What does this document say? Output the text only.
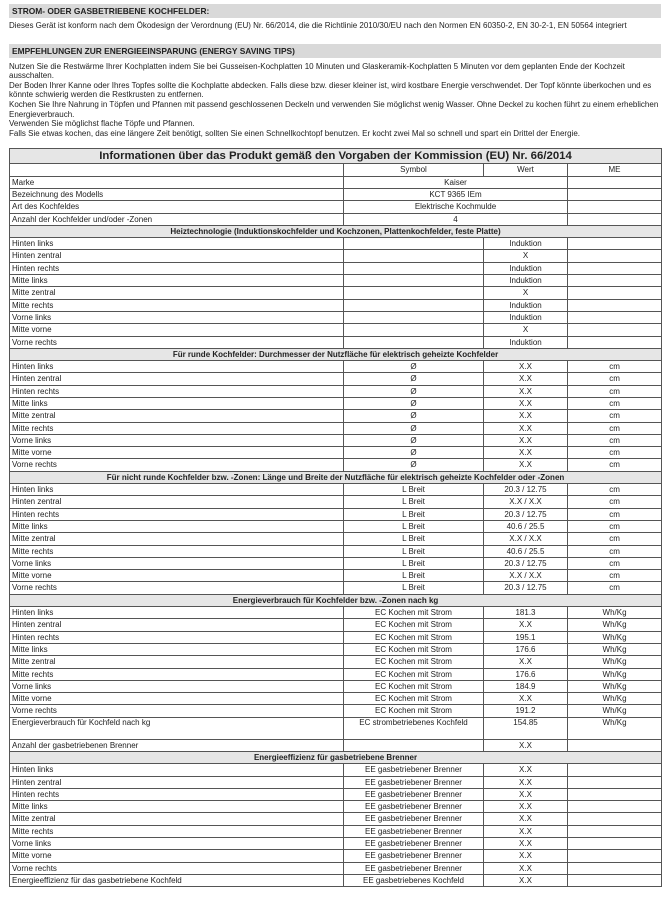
STROM- ODER GASBETRIEBENE KOCHFELDER:
Dieses Gerät ist konform nach dem Ökodesign der Verordnung (EU) Nr. 66/2014, die die Richtlinie 2010/30/EU nach den Normen EN 60350-2, EN 30-2-1, EN 50564 integriert
EMPFEHLUNGEN ZUR ENERGIEEINSPARUNG (ENERGY SAVING TIPS)
Nutzen Sie die Restwärme Ihrer Kochplatten indem Sie bei Gusseisen-Kochplatten 10 Minuten und Glaskeramik-Kochplatten 5 Minuten vor dem geplanten Ende der Kochzeit ausschalten.
Der Boden Ihrer Kanne oder Ihres Topfes sollte die Kochplatte abdecken. Falls diese bzw. dieser kleiner ist, wird kostbare Energie verschwendet. Der Topf könnte überkochen und es könnte schwierig werden die Restkrusten zu entfernen.
Kochen Sie Ihre Nahrung in Töpfen und Pfannen mit passend geschlossenen Deckeln und verwenden Sie möglichst wenig Wasser. Ohne Deckel zu kochen führt zu einem erheblichen Energieverbrauch.
Verwenden Sie möglichst flache Töpfe und Pfannen.
Falls Sie etwas kochen, das eine längere Zeit benötigt, sollten Sie einen Schnellkochtopf benutzen. Er kocht zwei Mal so schnell und spart ein Drittel der Energie.
Informationen über das Produkt gemäß den Vorgaben der Kommission (EU) Nr. 66/2014			
	Symbol	Wert	ME
Marke	Kaiser		
Bezeichnung des Modells	KCT 9365 IEm		
Art des Kochfeldes	Elektrische Kochmulde		
Anzahl der Kochfelder und/oder -Zonen	4		
Heiztechnologie (Induktionskochfelder und Kochzonen, Plattenkochfelder, feste Platte)			
Hinten links		Induktion	
Hinten zentral		X	
Hinten rechts		Induktion	
Mitte links		Induktion	
Mitte zentral		X	
Mitte rechts		Induktion	
Vorne links		Induktion	
Mitte vorne		X	
Vorne rechts		Induktion	
Für runde Kochfelder: Durchmesser der Nutzfläche für elektrisch geheizte Kochfelder			
Hinten links	Ø	X.X	cm
Hinten zentral	Ø	X.X	cm
Hinten rechts	Ø	X.X	cm
Mitte links	Ø	X.X	cm
Mitte zentral	Ø	X.X	cm
Mitte rechts	Ø	X.X	cm
Vorne links	Ø	X.X	cm
Mitte vorne	Ø	X.X	cm
Vorne rechts	Ø	X.X	cm
Für nicht runde Kochfelder bzw. -Zonen: Länge und Breite der Nutzfläche für elektrisch geheizte Kochfelder oder -Zonen			
Hinten links	L Breit	20.3 / 12.75	cm
Hinten zentral	L Breit	X.X / X.X	cm
Hinten rechts	L Breit	20.3 / 12.75	cm
Mitte links	L Breit	40.6 / 25.5	cm
Mitte zentral	L Breit	X.X / X.X	cm
Mitte rechts	L Breit	40.6 / 25.5	cm
Vorne links	L Breit	20.3 / 12.75	cm
Mitte vorne	L Breit	X.X / X.X	cm
Vorne rechts	L Breit	20.3 / 12.75	cm
Energieverbrauch für Kochfelder bzw. -Zonen nach kg			
Hinten links	EC Kochen mit Strom	181.3	Wh/Kg
Hinten zentral	EC Kochen mit Strom	X.X	Wh/Kg
Hinten rechts	EC Kochen mit Strom	195.1	Wh/Kg
Mitte links	EC Kochen mit Strom	176.6	Wh/Kg
Mitte zentral	EC Kochen mit Strom	X.X	Wh/Kg
Mitte rechts	EC Kochen mit Strom	176.6	Wh/Kg
Vorne links	EC Kochen mit Strom	184.9	Wh/Kg
Mitte vorne	EC Kochen mit Strom	X.X	Wh/Kg
Vorne rechts	EC Kochen mit Strom	191.2	Wh/Kg
Energieverbrauch für Kochfeld nach kg	EC strombetriebenes Kochfeld	154.85	Wh/Kg
Anzahl der gasbetriebenen Brenner		X.X	
Energieeffizienz für gasbetriebene Brenner			
Hinten links	EE gasbetriebener Brenner	X.X	
Hinten zentral	EE gasbetriebener Brenner	X.X	
Hinten rechts	EE gasbetriebener Brenner	X.X	
Mitte links	EE gasbetriebener Brenner	X.X	
Mitte zentral	EE gasbetriebener Brenner	X.X	
Mitte rechts	EE gasbetriebener Brenner	X.X	
Vorne links	EE gasbetriebener Brenner	X.X	
Mitte vorne	EE gasbetriebener Brenner	X.X	
Vorne rechts	EE gasbetriebener Brenner	X.X	
Energieeffizienz für das gasbetriebene Kochfeld	EE gasbetriebenes Kochfeld	X.X	
